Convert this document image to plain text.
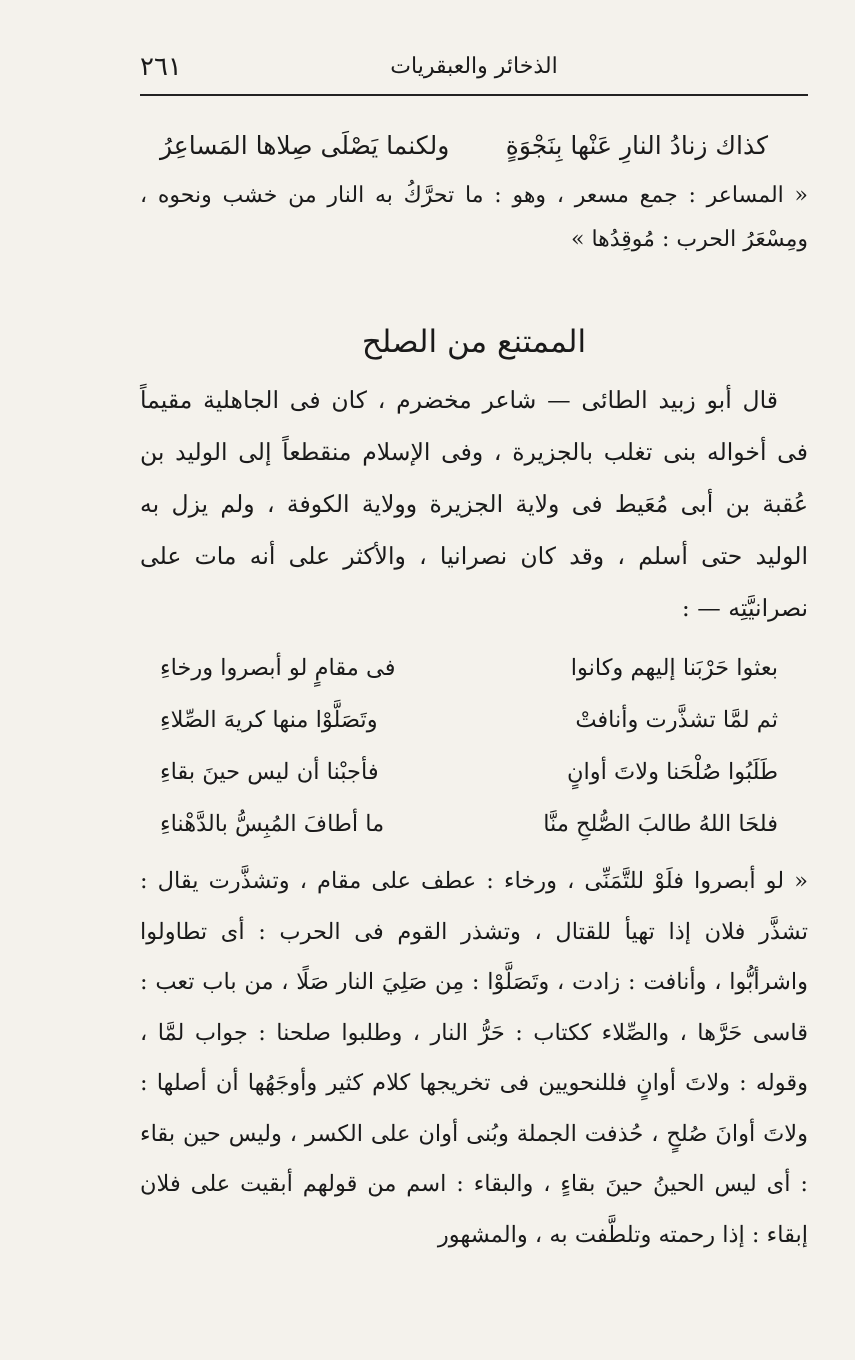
الذخائر والعبقريات
٢٦١
كذاك زنادُ النارِ عَنْها بِنَجْوَةٍ
ولكنما يَصْلَى صِلاها المَساعِرُ
« المساعر : جمع مسعر ، وهو : ما تحرَّكُ به النار من خشب ونحوه ، ومِسْعَرُ الحرب : مُوقِدُها »
الممتنع من الصلح
قال أبو زبيد الطائى — شاعر مخضرم ، كان فى الجاهلية مقيماً فى أخواله بنى تغلب بالجزيرة ، وفى الإسلام منقطعاً إلى الوليد بن عُقبة بن أبى مُعَيط فى ولاية الجزيرة وولاية الكوفة ، ولم يزل به الوليد حتى أسلم ، وقد كان نصرانيا ، والأكثر على أنه مات على نصرانيَّتِه — :
بعثوا حَرْبَنا إليهم وكانوا
فى مقامٍ لو أبصروا ورخاءِ
ثم لمَّا تشذَّرت وأنافتْ
وتَصَلَّوْا منها كريهَ الصِّلاءِ
طَلَبُوا صُلْحَنا ولاتَ أوانٍ
فأجبْنا أن ليس حينَ بقاءِ
فلحَا اللهُ طالبَ الصُّلحِ منَّا
ما أطافَ المُبِسُّ بالدَّهْناءِ
« لو أبصروا فلَوْ للتَّمَنِّى ، ورخاء : عطف على مقام ، وتشذَّرت يقال : تشذَّر فلان إذا تهيأ للقتال ، وتشذر القوم فى الحرب : أى تطاولوا واشرأبُّوا ، وأنافت : زادت ، وتَصَلَّوْا : مِن صَلِيَ النار صَلًا ، من باب تعب : قاسى حَرَّها ، والصِّلاء ككتاب : حَرُّ النار ، وطلبوا صلحنا : جواب لمَّا ، وقوله : ولاتَ أوانٍ فللنحويين فى تخريجها كلام كثير وأوجَهُها أن أصلها : ولاتَ أوانَ صُلحٍ ، حُذفت الجملة وبُنى أوان على الكسر ، وليس حين بقاء : أى ليس الحينُ حينَ بقاءٍ ، والبقاء : اسم من قولهم أبقيت على فلان إبقاء : إذا رحمته وتلطَّفت به ، والمشهور
